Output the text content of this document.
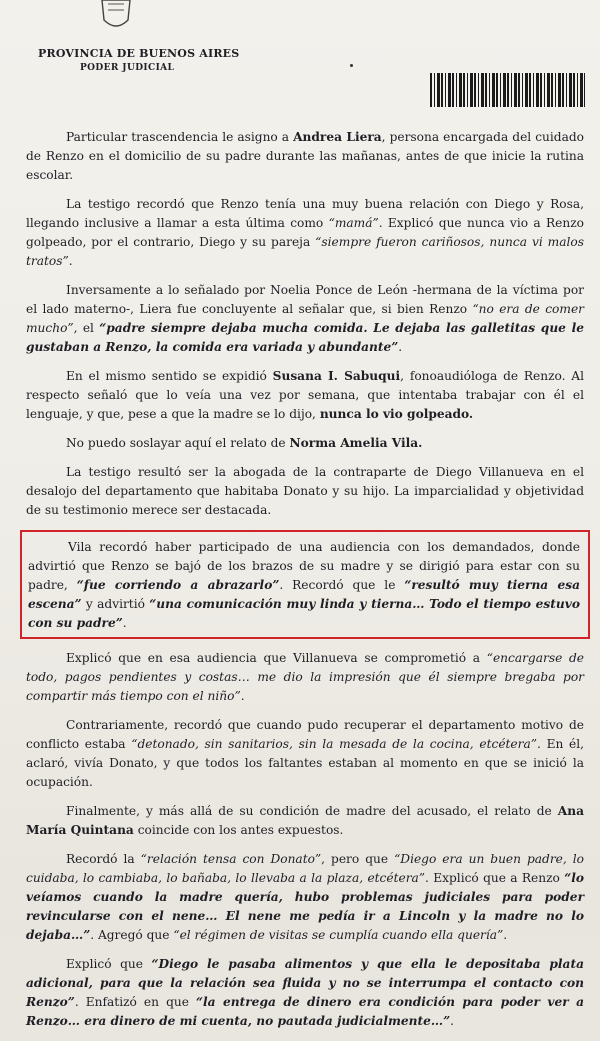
PROVINCIA DE BUENOS AIRES
PODER JUDICIAL

Particular trascendencia le asigno a Andrea Liera, persona encargada del cuidado de Renzo en el domicilio de su padre durante las mañanas, antes de que inicie la rutina escolar.

La testigo recordó que Renzo tenía una muy buena relación con Diego y Rosa, llegando inclusive a llamar a esta última como “mamá”. Explicó que nunca vio a Renzo golpeado, por el contrario, Diego y su pareja “siempre fueron cariñosos, nunca vi malos tratos”.

Inversamente a lo señalado por Noelia Ponce de León -hermana de la víctima por el lado materno-, Liera fue concluyente al señalar que, si bien Renzo “no era de comer mucho”, el “padre siempre dejaba mucha comida. Le dejaba las galletitas que le gustaban a Renzo, la comida era variada y abundante”.

En el mismo sentido se expidió Susana I. Sabuqui, fonoaudióloga de Renzo. Al respecto señaló que lo veía una vez por semana, que intentaba trabajar con él el lenguaje, y que, pese a que la madre se lo dijo, nunca lo vio golpeado.

No puedo soslayar aquí el relato de Norma Amelia Vila.

La testigo resultó ser la abogada de la contraparte de Diego Villanueva en el desalojo del departamento que habitaba Donato y su hijo. La imparcialidad y objetividad de su testimonio merece ser destacada.

Vila recordó haber participado de una audiencia con los demandados, donde advirtió que Renzo se bajó de los brazos de su madre y se dirigió para estar con su padre, “fue corriendo a abrazarlo”. Recordó que le “resultó muy tierna esa escena” y advirtió “una comunicación muy linda y tierna… Todo el tiempo estuvo con su padre”.

Explicó que en esa audiencia que Villanueva se comprometió a “encargarse de todo, pagos pendientes y costas… me dio la impresión que él siempre bregaba por compartir más tiempo con el niño”.

Contrariamente, recordó que cuando pudo recuperar el departamento motivo de conflicto estaba “detonado, sin sanitarios, sin la mesada de la cocina, etcétera”. En él, aclaró, vivía Donato, y que todos los faltantes estaban al momento en que se inició la ocupación.

Finalmente, y más allá de su condición de madre del acusado, el relato de Ana María Quintana coincide con los antes expuestos.

Recordó la “relación tensa con Donato”, pero que “Diego era un buen padre, lo cuidaba, lo cambiaba, lo bañaba, lo llevaba a la plaza, etcétera”. Explicó que a Renzo “lo veíamos cuando la madre quería, hubo problemas judiciales para poder revincularse con el nene… El nene me pedía ir a Lincoln y la madre no lo dejaba…”. Agregó que “el régimen de visitas se cumplía cuando ella quería”.

Explicó que “Diego le pasaba alimentos y que ella le depositaba plata adicional, para que la relación sea fluida y no se interrumpa el contacto con Renzo”. Enfatizó en que “la entrega de dinero era condición para poder ver a Renzo… era dinero de mi cuenta, no pautada judicialmente…”.
